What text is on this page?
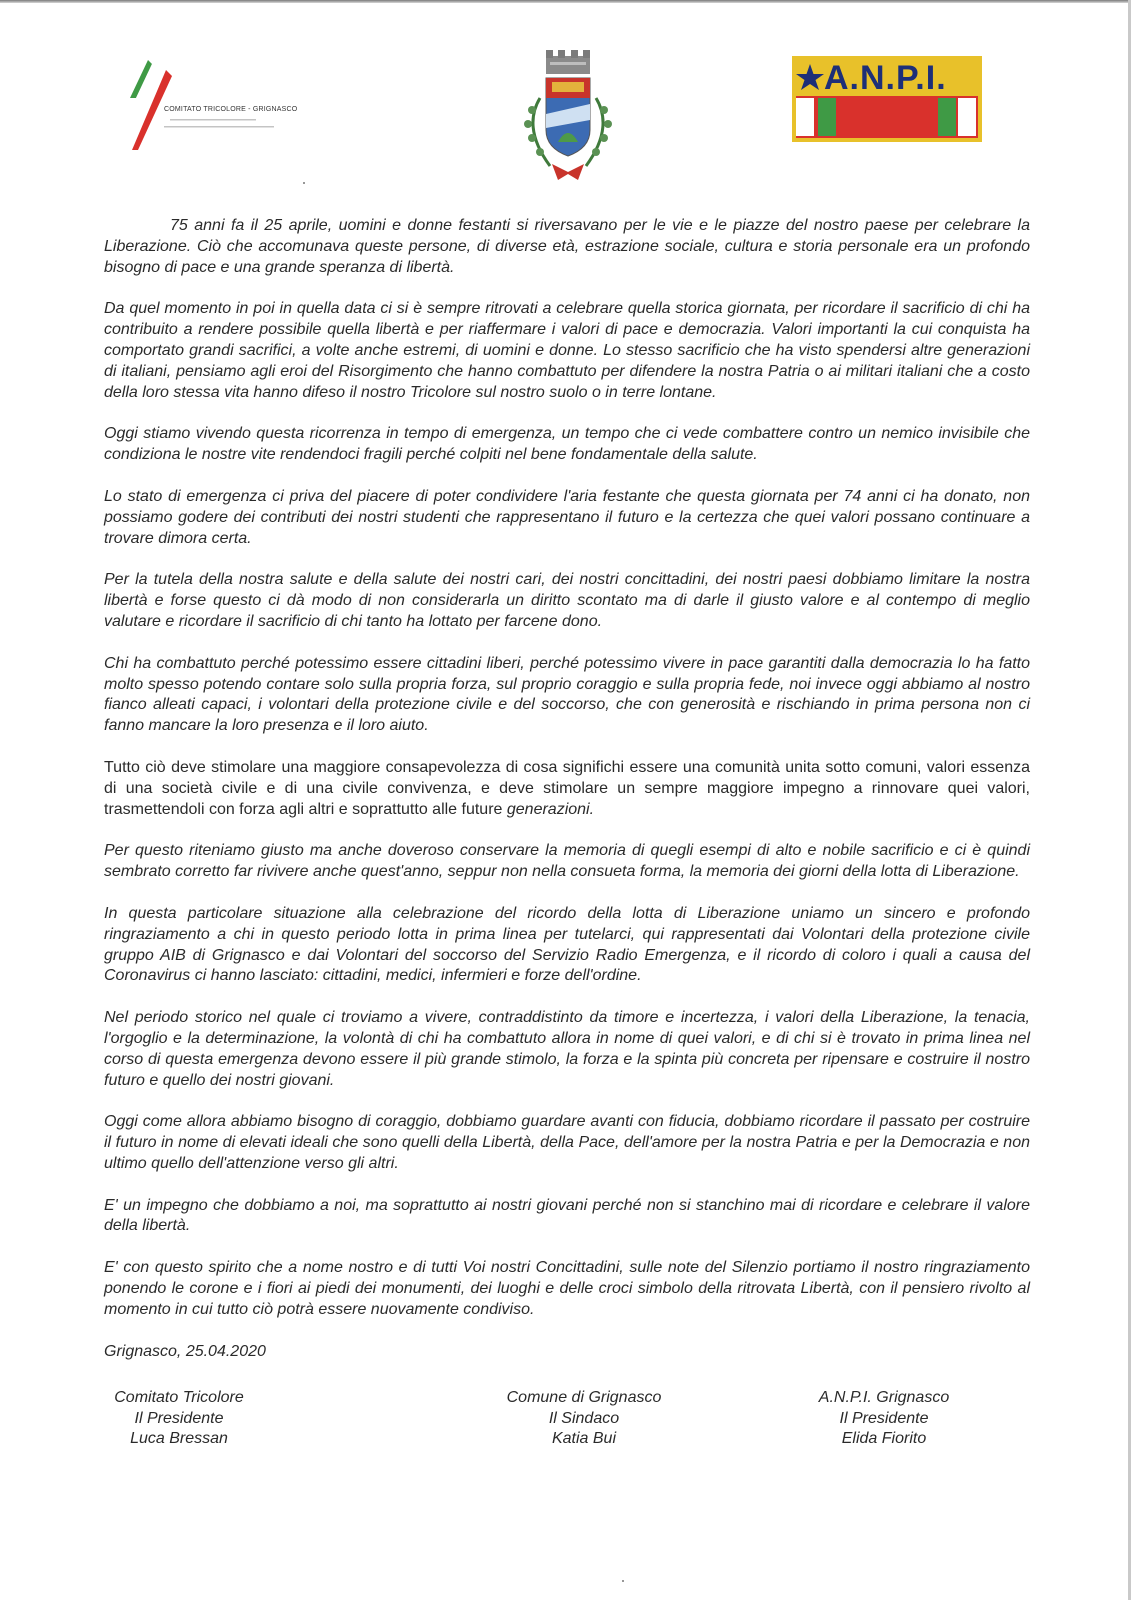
COMITATO TRICOLORE - GRIGNASCO
A.N.P.I.

75 anni fa il 25 aprile, uomini e donne festanti si riversavano per le vie e le piazze del nostro paese per celebrare la Liberazione. Ciò che accomunava queste persone, di diverse età, estrazione sociale, cultura e storia personale era un profondo bisogno di pace e una grande speranza di libertà.

Da quel momento in poi in quella data ci si è sempre ritrovati a celebrare quella storica giornata, per ricordare il sacrificio di chi ha contribuito a rendere possibile quella libertà e per riaffermare i valori di pace e democrazia. Valori importanti la cui conquista ha comportato grandi sacrifici, a volte anche estremi, di uomini e donne. Lo stesso sacrificio che ha visto spendersi altre generazioni di italiani, pensiamo agli eroi del Risorgimento che hanno combattuto per difendere la nostra Patria o ai militari italiani che a costo della loro stessa vita hanno difeso il nostro Tricolore sul nostro suolo o in terre lontane.

Oggi stiamo vivendo questa ricorrenza in tempo di emergenza, un tempo che ci vede combattere contro un nemico invisibile che condiziona le nostre vite rendendoci fragili perché colpiti nel bene fondamentale della salute.

Lo stato di emergenza ci priva del piacere di poter condividere l'aria festante che questa giornata per 74 anni ci ha donato, non possiamo godere dei contributi dei nostri studenti che rappresentano il futuro e la certezza che quei valori possano continuare a trovare dimora certa.

Per la tutela della nostra salute e della salute dei nostri cari, dei nostri concittadini, dei nostri paesi dobbiamo limitare la nostra libertà e forse questo ci dà modo di non considerarla un diritto scontato ma di darle il giusto valore e al contempo di meglio valutare e ricordare il sacrificio di chi tanto ha lottato per farcene dono.

Chi ha combattuto perché potessimo essere cittadini liberi, perché potessimo vivere in pace garantiti dalla democrazia lo ha fatto molto spesso potendo contare solo sulla propria forza, sul proprio coraggio e sulla propria fede, noi invece oggi abbiamo al nostro fianco alleati capaci, i volontari della protezione civile e del soccorso, che con generosità e rischiando in prima persona non ci fanno mancare la loro presenza e il loro aiuto.

Tutto ciò deve stimolare una maggiore consapevolezza di cosa significhi essere una comunità unita sotto comuni, valori essenza di una società civile e di una civile convivenza, e deve stimolare un sempre maggiore impegno a rinnovare quei valori, trasmettendoli con forza agli altri e soprattutto alle future generazioni.

Per questo riteniamo giusto ma anche doveroso conservare la memoria di quegli esempi di alto e nobile sacrificio e ci è quindi sembrato corretto far rivivere anche quest'anno, seppur non nella consueta forma, la memoria dei giorni della lotta di Liberazione.

In questa particolare situazione alla celebrazione del ricordo della lotta di Liberazione uniamo un sincero e profondo ringraziamento a chi in questo periodo lotta in prima linea per tutelarci, qui rappresentati dai Volontari della protezione civile gruppo AIB di Grignasco e dai Volontari del soccorso del Servizio Radio Emergenza, e il ricordo di coloro i quali a causa del Coronavirus ci hanno lasciato: cittadini, medici, infermieri e forze dell'ordine.

Nel periodo storico nel quale ci troviamo a vivere, contraddistinto da timore e incertezza, i valori della Liberazione, la tenacia, l'orgoglio e la determinazione, la volontà di chi ha combattuto allora in nome di quei valori, e di chi si è trovato in prima linea nel corso di questa emergenza devono essere il più grande stimolo, la forza e la spinta più concreta per ripensare e costruire il nostro futuro e quello dei nostri giovani.

Oggi come allora abbiamo bisogno di coraggio, dobbiamo guardare avanti con fiducia, dobbiamo ricordare il passato per costruire il futuro in nome di elevati ideali che sono quelli della Libertà, della Pace, dell'amore per la nostra Patria e per la Democrazia e non ultimo quello dell'attenzione verso gli altri.

E' un impegno che dobbiamo a noi, ma soprattutto ai nostri giovani perché non si stanchino mai di ricordare e celebrare il valore della libertà.

E' con questo spirito che a nome nostro e di tutti Voi nostri Concittadini, sulle note del Silenzio portiamo il nostro ringraziamento ponendo le corone e i fiori ai piedi dei monumenti, dei luoghi e delle croci simbolo della ritrovata Libertà, con il pensiero rivolto al momento in cui tutto ciò potrà essere nuovamente condiviso.

Grignasco, 25.04.2020

Comitato Tricolore
Il Presidente
Luca Bressan
Comune di Grignasco
Il Sindaco
Katia Bui
A.N.P.I. Grignasco
Il Presidente
Elida Fiorito
